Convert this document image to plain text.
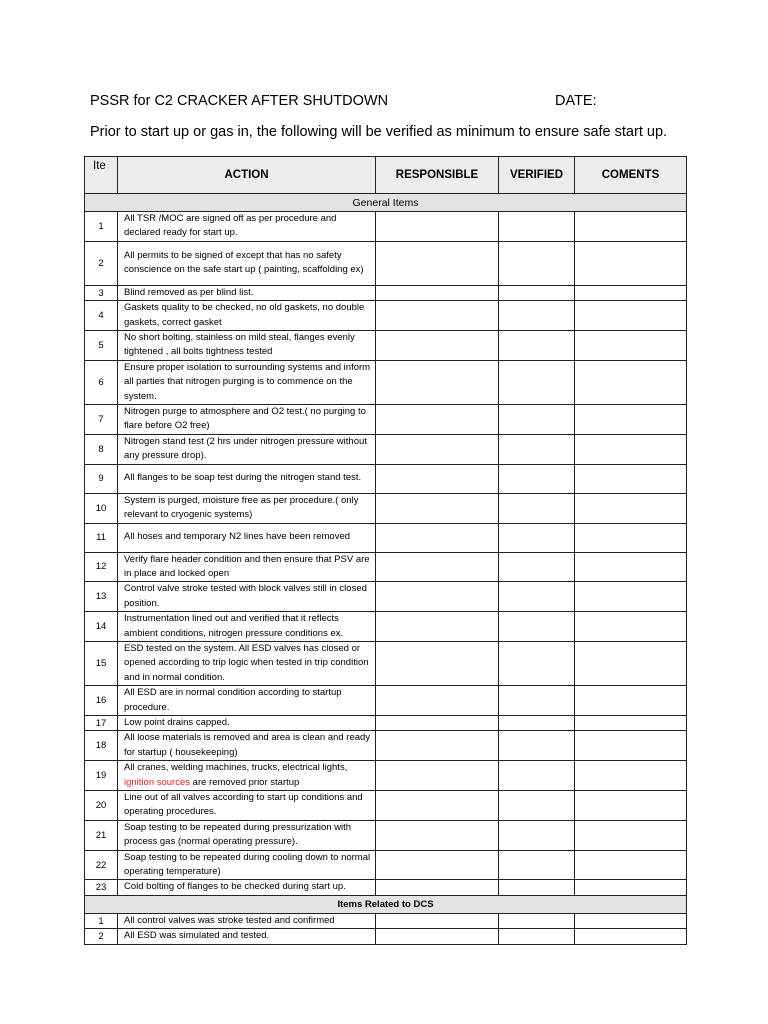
PSSR for C2 CRACKER AFTER SHUTDOWN	DATE:
Prior to start up or gas in, the following will be verified as minimum to ensure safe start up.
Ite	ACTION	RESPONSIBLE	VERIFIED	COMENTS
General Items				
1	All TSR /MOC are signed off as per procedure and declared ready for start up.			
2	All permits to be signed of except that has no safety conscience on the safe start up ( painting, scaffolding ex)			
3	Blind removed as per blind list.			
4	Gaskets quality to be checked, no old gaskets, no double gaskets, correct gasket			
5	No short bolting, stainless on mild steal, flanges evenly tightened , all bolts tightness tested			
6	Ensure proper isolation to surrounding systems and inform all parties that nitrogen purging is to commence on the system.			
7	Nitrogen purge to atmosphere and O2 test.( no purging to flare before O2 free)			
8	Nitrogen stand test (2 hrs under nitrogen pressure without any pressure drop).			
9	All flanges to be soap test during the nitrogen stand test.			
10	System is purged, moisture free as per procedure.( only relevant to cryogenic systems)			
11	All hoses and temporary N2 lines have been removed			
12	Verify flare header condition and then ensure that PSV are in place and locked open			
13	Control valve stroke tested with block valves still in closed position.			
14	Instrumentation lined out and verified that it reflects ambient conditions, nitrogen pressure conditions ex.			
15	ESD tested on the system. All ESD valves has closed or opened according to trip logic when tested in trip condition and in normal condition.			
16	All ESD are in normal condition according to startup procedure.			
17	Low point drains capped.			
18	All loose materials is removed and area is clean and ready for startup ( housekeeping)			
19	All cranes, welding machines, trucks, electrical lights, ignition sources are removed prior startup			
20	Line out of all valves according to start up conditions and operating procedures.			
21	Soap testing to be repeated during pressurization with process gas (normal operating pressure).			
22	Soap testing to be repeated during cooling down to normal operating temperature)			
23	Cold bolting of flanges to be checked during start up.			
Items Related to DCS				
1	All control valves was stroke tested and confirmed			
2	All ESD was simulated and tested.			
